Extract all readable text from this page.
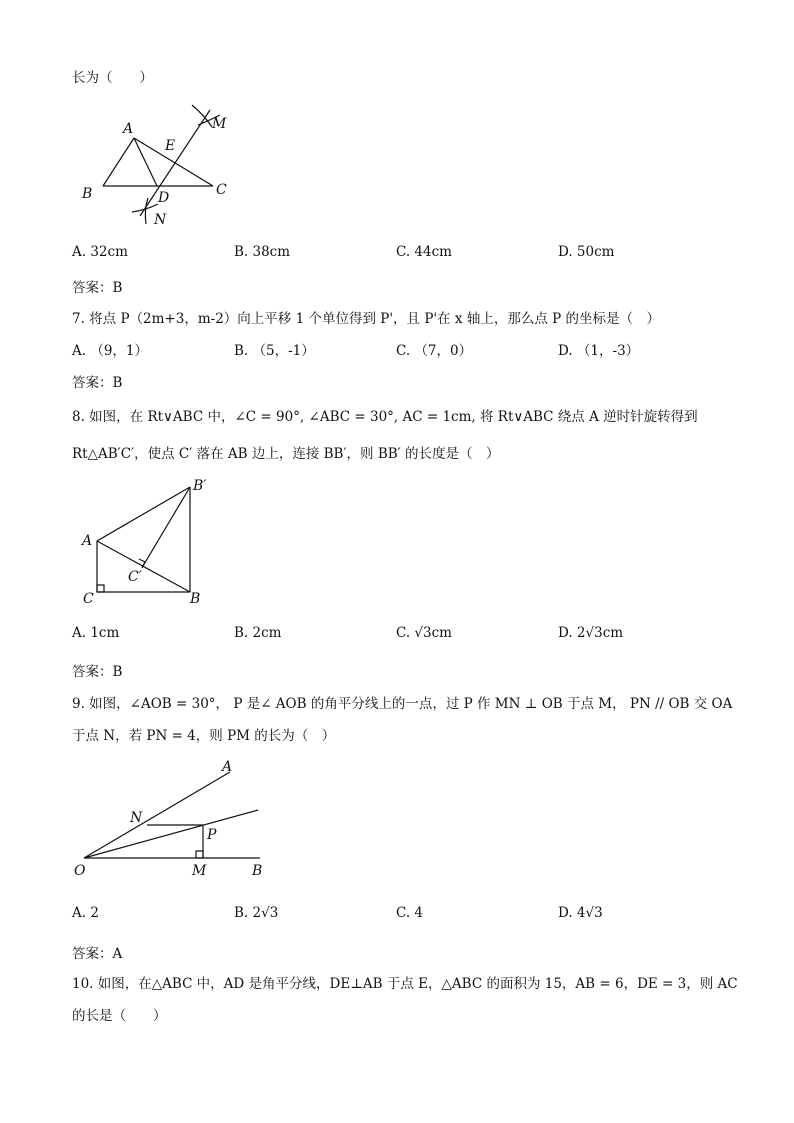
长为（　　）
A
B	C
D
E
M
N
A. 32cm	B. 38cm	C. 44cm	D. 50cm
答案：B
7. 将点 P（2m+3，m-2）向上平移 1 个单位得到 P'，且 P'在 x 轴上，那么点 P 的坐标是（　）
A. （9，1）	B. （5，-1）	C. （7，0）	D. （1，-3）
答案：B
8. 如图，在 Rt∨ABC 中，∠C = 90°, ∠ABC = 30°, AC = 1cm, 将 Rt∨ABC 绕点 A 逆时针旋转得到
Rt△AB′C′，使点 C′ 落在 AB 边上，连接 BB′，则 BB′ 的长度是（　）
A
C	B
B′
C′
A. 1cm	B. 2cm	C. √3cm	D. 2√3cm
答案：B
9. 如图，∠AOB = 30°， P 是∠ AOB 的角平分线上的一点，过 P 作 MN ⊥ OB 于点 M， PN // OB 交 OA
于点 N，若 PN = 4，则 PM 的长为（　）
O	M	B
A
N
P
A. 2	B. 2√3	C. 4	D. 4√3
答案：A
10. 如图，在△ABC 中，AD 是角平分线，DE⊥AB 于点 E，△ABC 的面积为 15，AB = 6，DE = 3，则 AC
的长是（　　）
